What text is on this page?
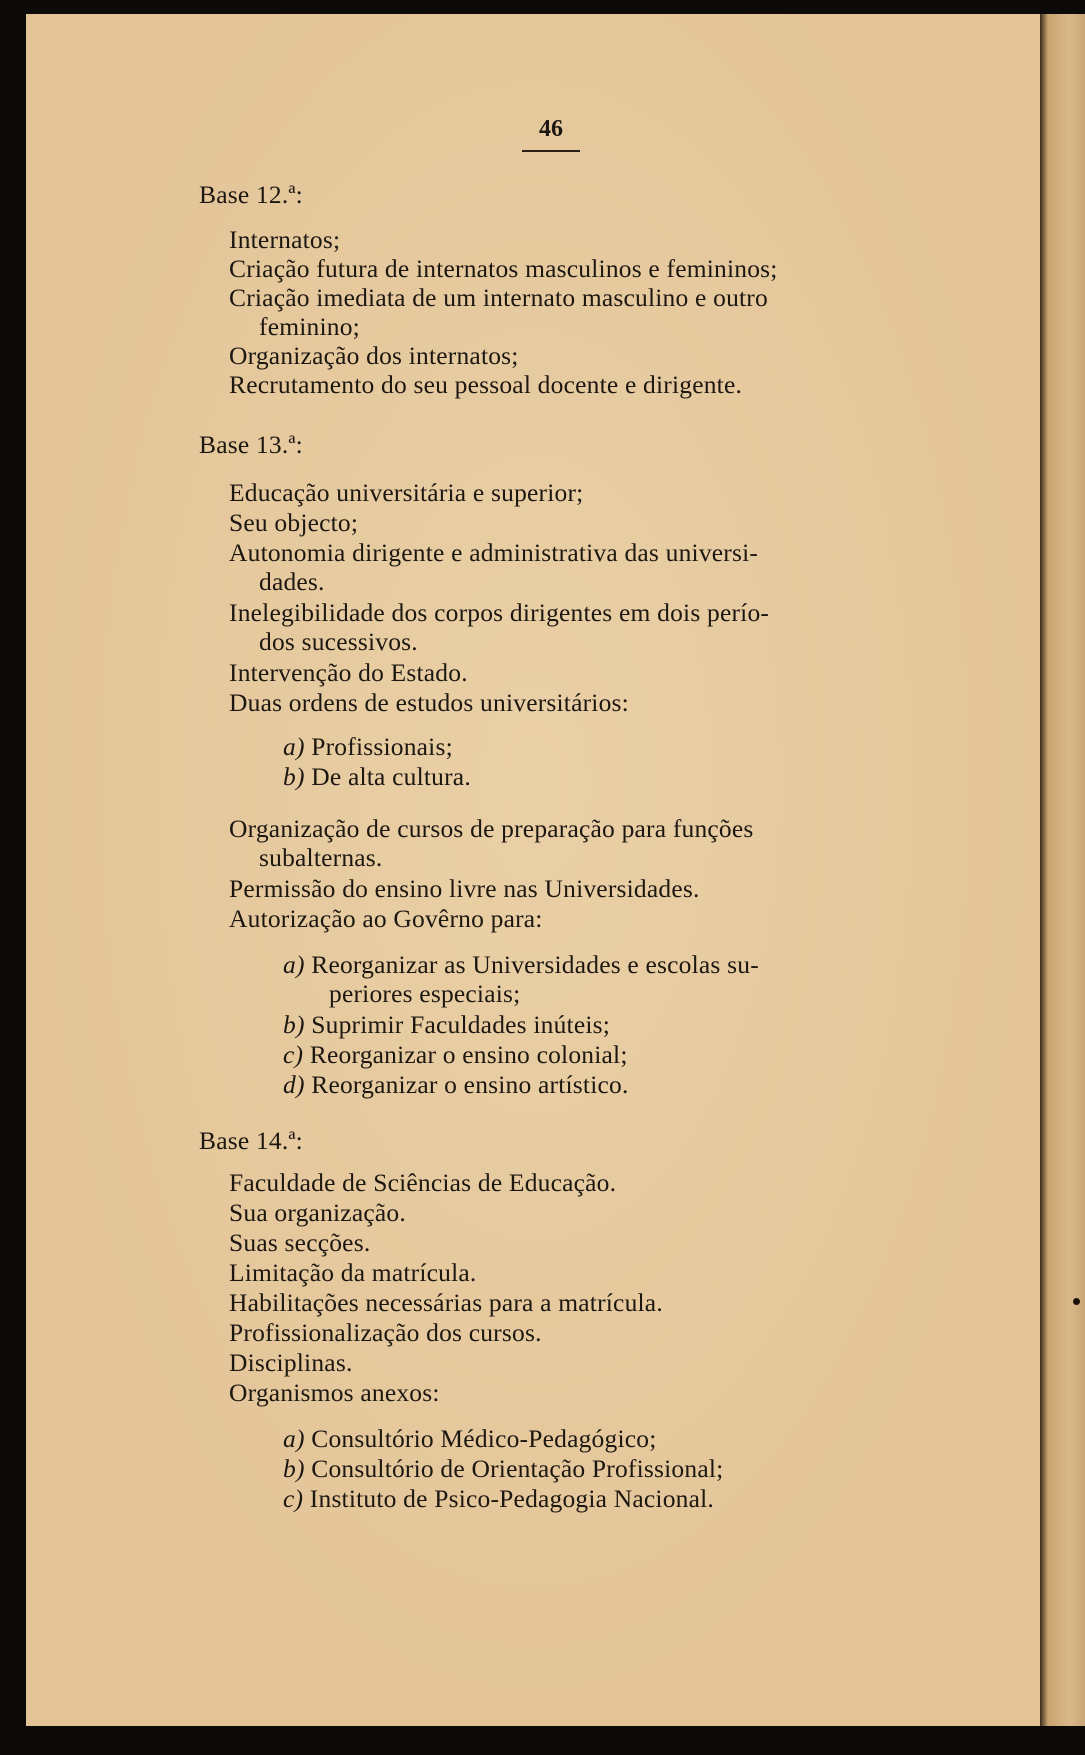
46
Base 12.ª:
Internatos;
Criação futura de internatos masculinos e femininos;
Criação imediata de um internato masculino e outro
feminino;
Organização dos internatos;
Recrutamento do seu pessoal docente e dirigente.
Base 13.ª:
Educação universitária e superior;
Seu objecto;
Autonomia dirigente e administrativa das universi-
dades.
Inelegibilidade dos corpos dirigentes em dois perío-
dos sucessivos.
Intervenção do Estado.
Duas ordens de estudos universitários:
a) Profissionais;
b) De alta cultura.
Organização de cursos de preparação para funções
subalternas.
Permissão do ensino livre nas Universidades.
Autorização ao Govêrno para:
a) Reorganizar as Universidades e escolas su-
periores especiais;
b) Suprimir Faculdades inúteis;
c) Reorganizar o ensino colonial;
d) Reorganizar o ensino artístico.
Base 14.ª:
Faculdade de Sciências de Educação.
Sua organização.
Suas secções.
Limitação da matrícula.
Habilitações necessárias para a matrícula.
Profissionalização dos cursos.
Disciplinas.
Organismos anexos:
a) Consultório Médico-Pedagógico;
b) Consultório de Orientação Profissional;
c) Instituto de Psico-Pedagogia Nacional.
